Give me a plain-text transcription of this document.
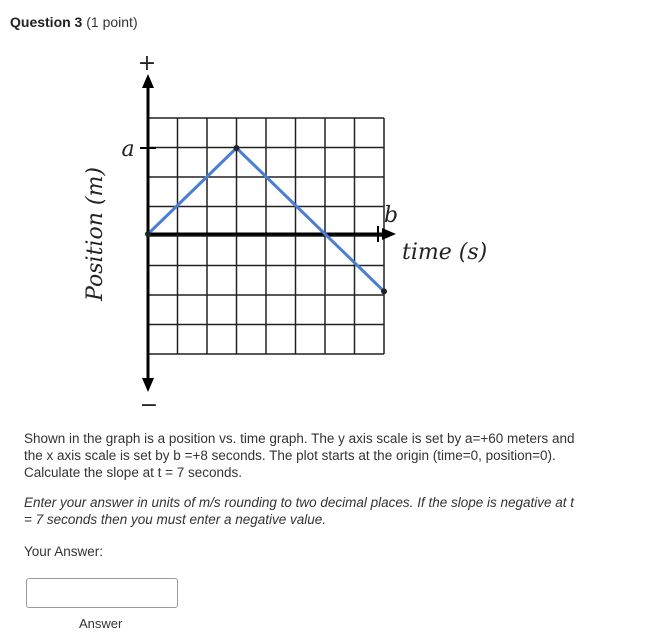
Question 3 (1 point)
+
−
a
b
time (s)
Position (m)

Shown in the graph is a position vs. time graph. The y axis scale is set by a=+60 meters and the x axis scale is set by b =+8 seconds. The plot starts at the origin (time=0, position=0). Calculate the slope at t = 7 seconds.

Enter your answer in units of m/s rounding to two decimal places. If the slope is negative at t = 7 seconds then you must enter a negative value.
Your Answer:
Answer
